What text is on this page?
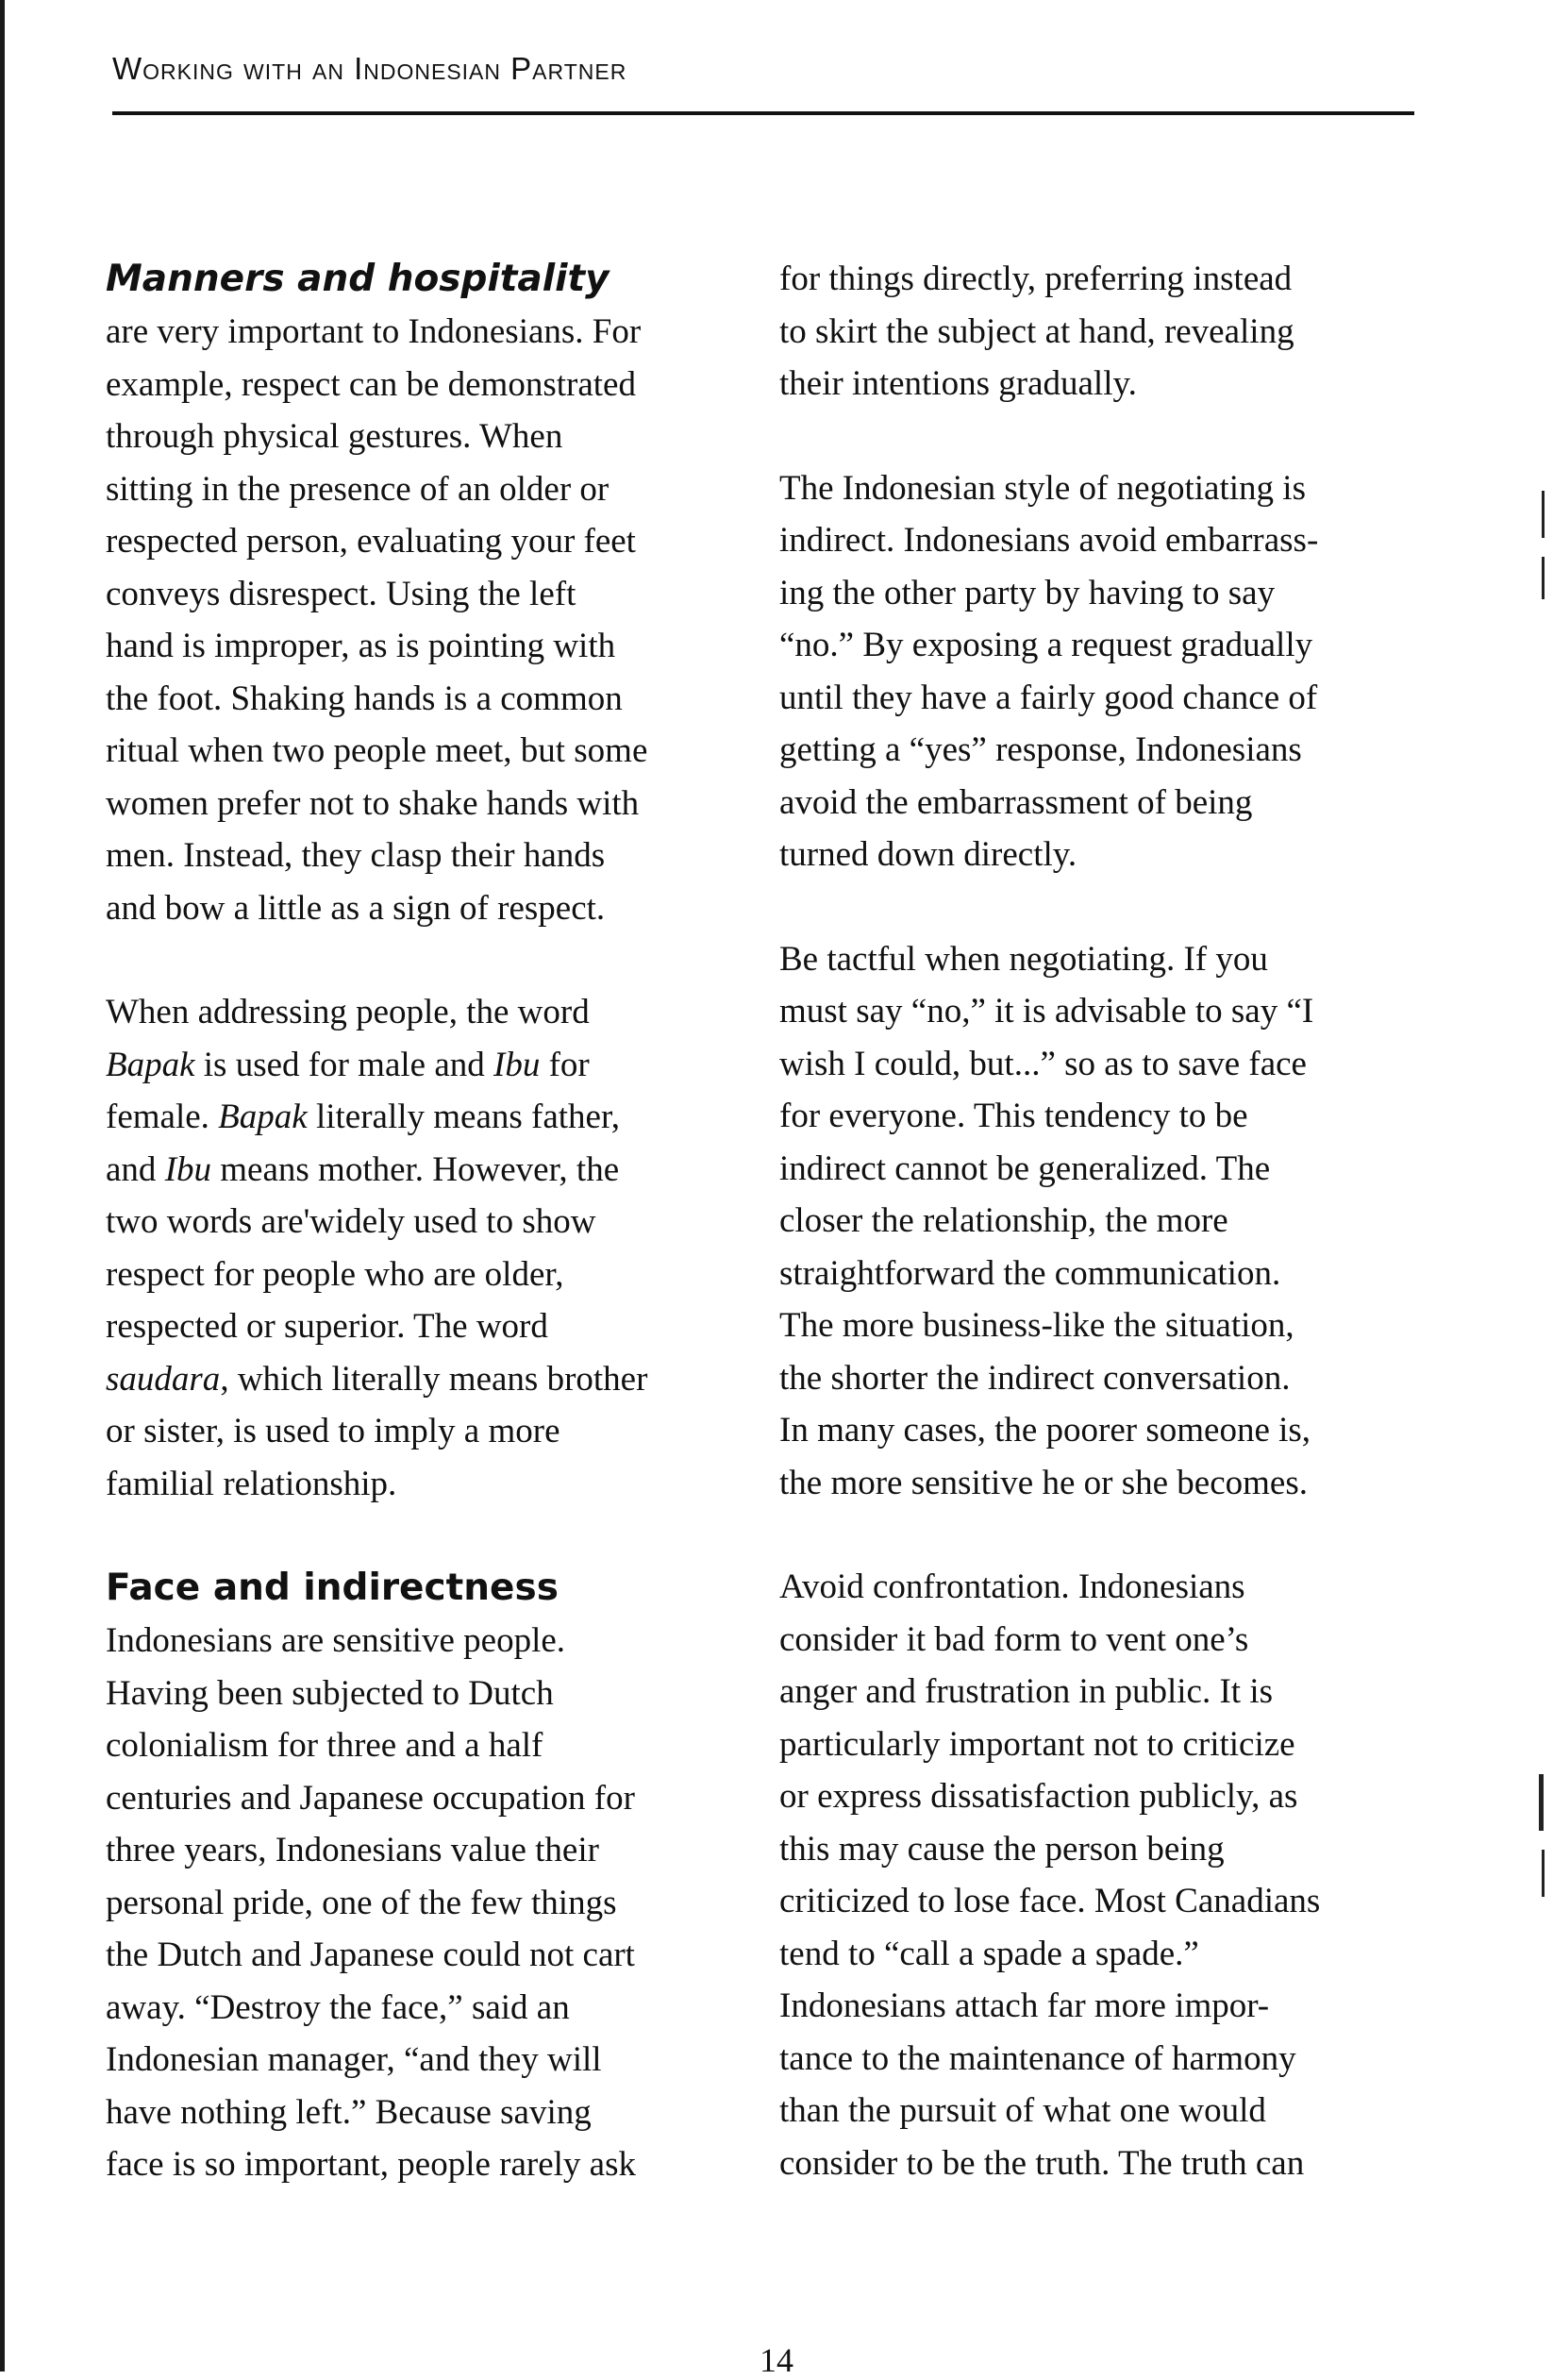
Working with an Indonesian Partner
Manners and hospitality

are very important to Indonesians. For
example, respect can be demonstrated
through physical gestures. When
sitting in the presence of an older or
respected person, evaluating your feet
conveys disrespect. Using the left
hand is improper, as is pointing with
the foot. Shaking hands is a common
ritual when two people meet, but some
women prefer not to shake hands with
men. Instead, they clasp their hands
and bow a little as a sign of respect.

When addressing people, the word
Bapak is used for male and Ibu for
female. Bapak literally means father,
and Ibu means mother. However, the
two words are'widely used to show
respect for people who are older,
respected or superior. The word
saudara, which literally means brother
or sister, is used to imply a more
familial relationship.

Face and indirectness

Indonesians are sensitive people.
Having been subjected to Dutch
colonialism for three and a half
centuries and Japanese occupation for
three years, Indonesians value their
personal pride, one of the few things
the Dutch and Japanese could not cart
away. “Destroy the face,” said an
Indonesian manager, “and they will
have nothing left.” Because saving
face is so important, people rarely ask

for things directly, preferring instead
to skirt the subject at hand, revealing
their intentions gradually.

The Indonesian style of negotiating is
indirect. Indonesians avoid embarrass-
ing the other party by having to say
“no.” By exposing a request gradually
until they have a fairly good chance of
getting a “yes” response, Indonesians
avoid the embarrassment of being
turned down directly.

Be tactful when negotiating. If you
must say “no,” it is advisable to say “I
wish I could, but...” so as to save face
for everyone. This tendency to be
indirect cannot be generalized. The
closer the relationship, the more
straightforward the communication.
The more business-like the situation,
the shorter the indirect conversation.
In many cases, the poorer someone is,
the more sensitive he or she becomes.

Avoid confrontation. Indonesians
consider it bad form to vent one’s
anger and frustration in public. It is
particularly important not to criticize
or express dissatisfaction publicly, as
this may cause the person being
criticized to lose face. Most Canadians
tend to “call a spade a spade.”
Indonesians attach far more impor-
tance to the maintenance of harmony
than the pursuit of what one would
consider to be the truth. The truth can

14
